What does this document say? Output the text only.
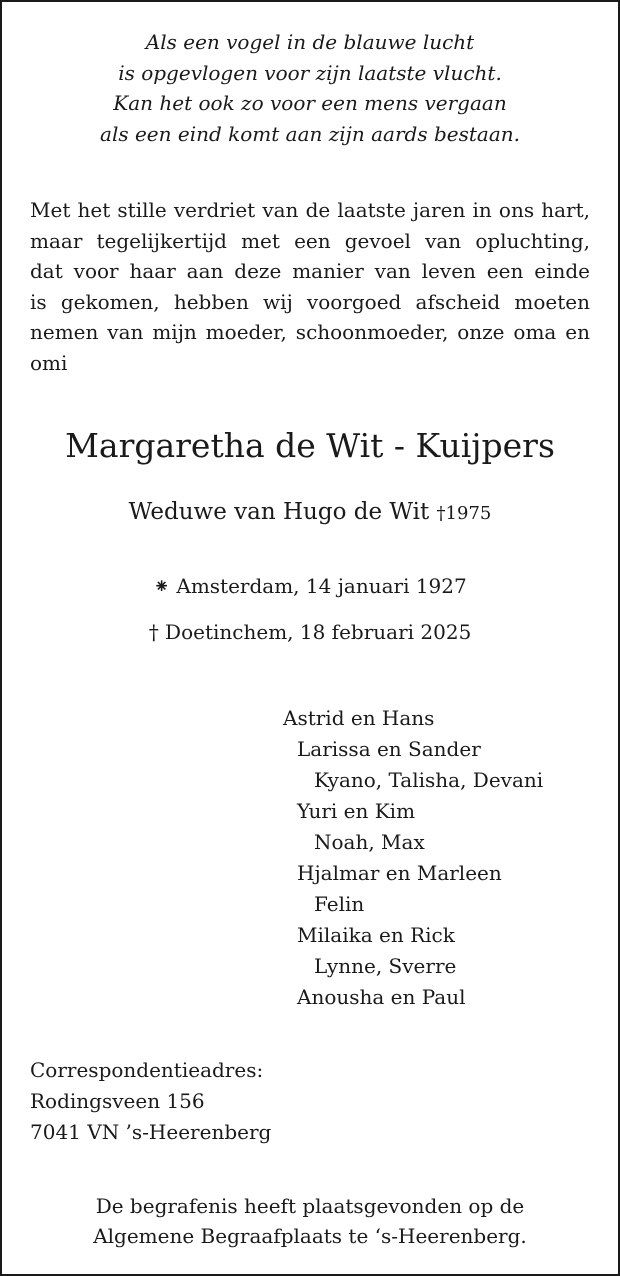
Als een vogel in de blauwe lucht
is opgevlogen voor zijn laatste vlucht.
Kan het ook zo voor een mens vergaan
als een eind komt aan zijn aards bestaan.
Met het stille verdriet van de laatste jaren in ons hart,
maar tegelijkertijd met een gevoel van opluchting,
dat voor haar aan deze manier van leven een einde
is gekomen, hebben wij voorgoed afscheid moeten
nemen van mijn moeder, schoonmoeder, onze oma en
omi
Margaretha de Wit - Kuijpers
Weduwe van Hugo de Wit †1975
⁕ Amsterdam, 14 januari 1927
† Doetinchem, 18 februari 2025
Astrid en Hans
Larissa en Sander
Kyano, Talisha, Devani
Yuri en Kim
Noah, Max
Hjalmar en Marleen
Felin
Milaika en Rick
Lynne, Sverre
Anousha en Paul
Correspondentieadres:
Rodingsveen 156
7041 VN ’s-Heerenberg
De begrafenis heeft plaatsgevonden op de
Algemene Begraafplaats te ‘s-Heerenberg.
